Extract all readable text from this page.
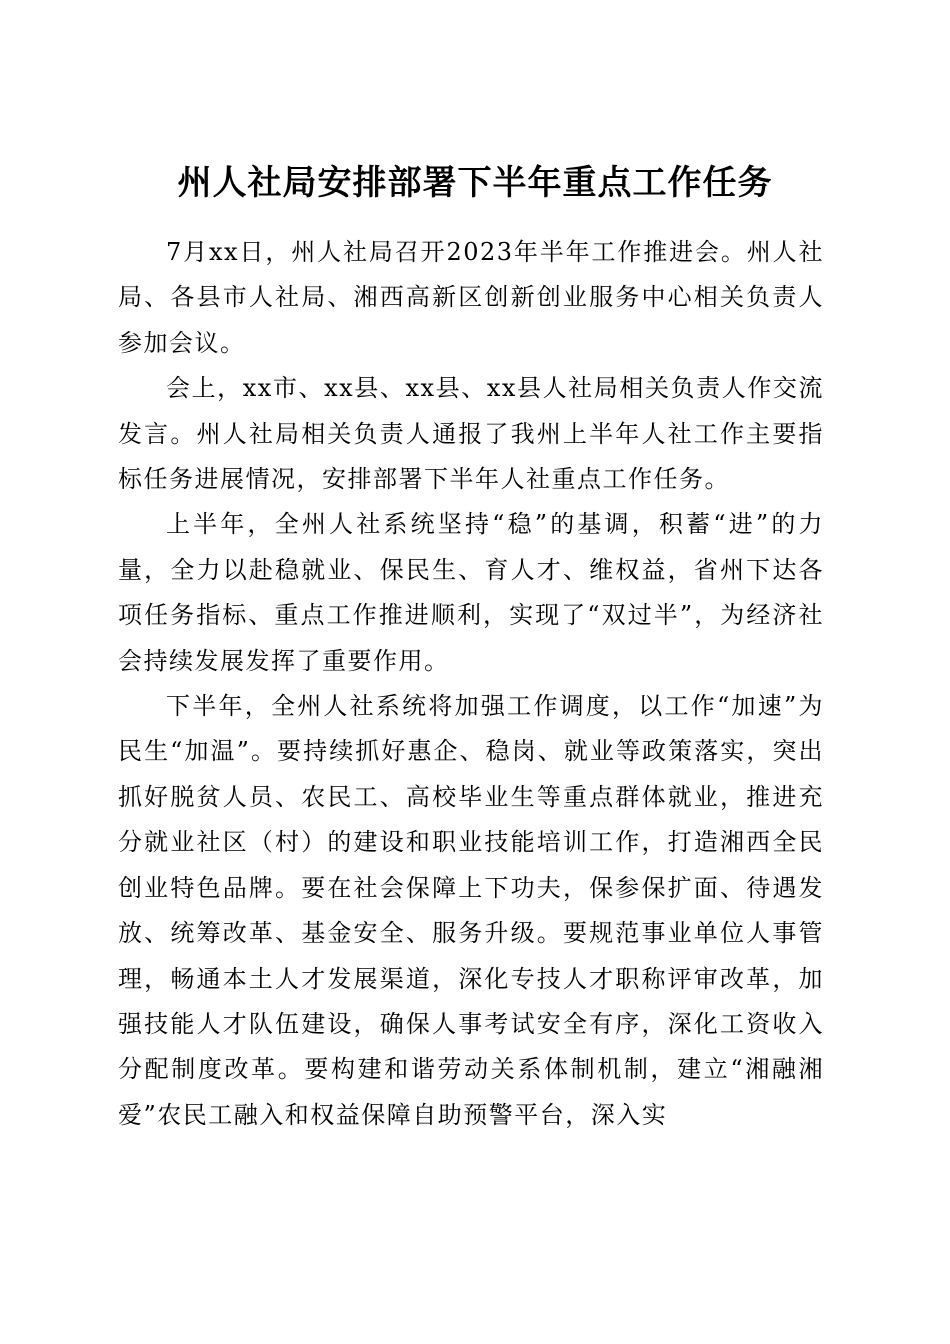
州人社局安排部署下半年重点工作任务

7月xx日，州人社局召开2023年半年工作推进会。州人社局、各县市人社局、湘西高新区创新创业服务中心相关负责人参加会议。

会上，xx市、xx县、xx县、xx县人社局相关负责人作交流发言。州人社局相关负责人通报了我州上半年人社工作主要指标任务进展情况，安排部署下半年人社重点工作任务。

上半年，全州人社系统坚持“稳”的基调，积蓄“进”的力量，全力以赴稳就业、保民生、育人才、维权益，省州下达各项任务指标、重点工作推进顺利，实现了“双过半”，为经济社会持续发展发挥了重要作用。

下半年，全州人社系统将加强工作调度，以工作“加速”为民生“加温”。要持续抓好惠企、稳岗、就业等政策落实，突出抓好脱贫人员、农民工、高校毕业生等重点群体就业，推进充分就业社区（村）的建设和职业技能培训工作，打造湘西全民创业特色品牌。要在社会保障上下功夫，保参保扩面、待遇发放、统筹改革、基金安全、服务升级。要规范事业单位人事管理，畅通本土人才发展渠道，深化专技人才职称评审改革，加强技能人才队伍建设，确保人事考试安全有序，深化工资收入分配制度改革。要构建和谐劳动关系体制机制，建立“湘融湘爱”农民工融入和权益保障自助预警平台，深入实
